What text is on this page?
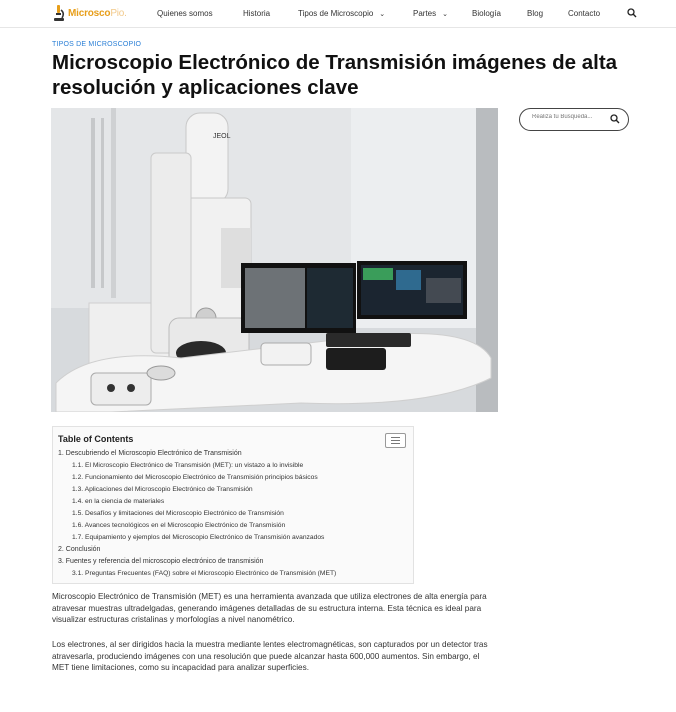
MicroscoPio.	Quienes somos	Historia	Tipos de Microscopio ⌄	Partes ⌄	Biología	Blog	Contacto
TIPOS DE MICROSCOPIO
Microscopio Electrónico de Transmisión imágenes de alta resolución y aplicaciones clave
JEOL
Realiza tu Busqueda...
Table of Contents
1. Descubriendo el Microscopio Electrónico de Transmisión
1.1. El Microscopio Electrónico de Transmisión (MET): un vistazo a lo invisible
1.2. Funcionamiento del Microscopio Electrónico de Transmisión principios básicos
1.3. Aplicaciones del Microscopio Electrónico de Transmisión
1.4. en la ciencia de materiales
1.5. Desafíos y limitaciones del Microscopio Electrónico de Transmisión
1.6. Avances tecnológicos en el Microscopio Electrónico de Transmisión
1.7. Equipamiento y ejemplos del Microscopio Electrónico de Transmisión avanzados
2. Conclusión
3. Fuentes y referencia del microscopio electrónico de transmisión
3.1. Preguntas Frecuentes (FAQ) sobre el Microscopio Electrónico de Transmisión (MET)

Microscopio Electrónico de Transmisión (MET) es una herramienta avanzada que utiliza electrones de alta energía para atravesar muestras ultradelgadas, generando imágenes detalladas de su estructura interna. Esta técnica es ideal para visualizar estructuras cristalinas y morfologías a nivel nanométrico.

Los electrones, al ser dirigidos hacia la muestra mediante lentes electromagnéticas, son capturados por un detector tras atravesarla, produciendo imágenes con una resolución que puede alcanzar hasta 600,000 aumentos. Sin embargo, el MET tiene limitaciones, como su incapacidad para analizar superficies.
